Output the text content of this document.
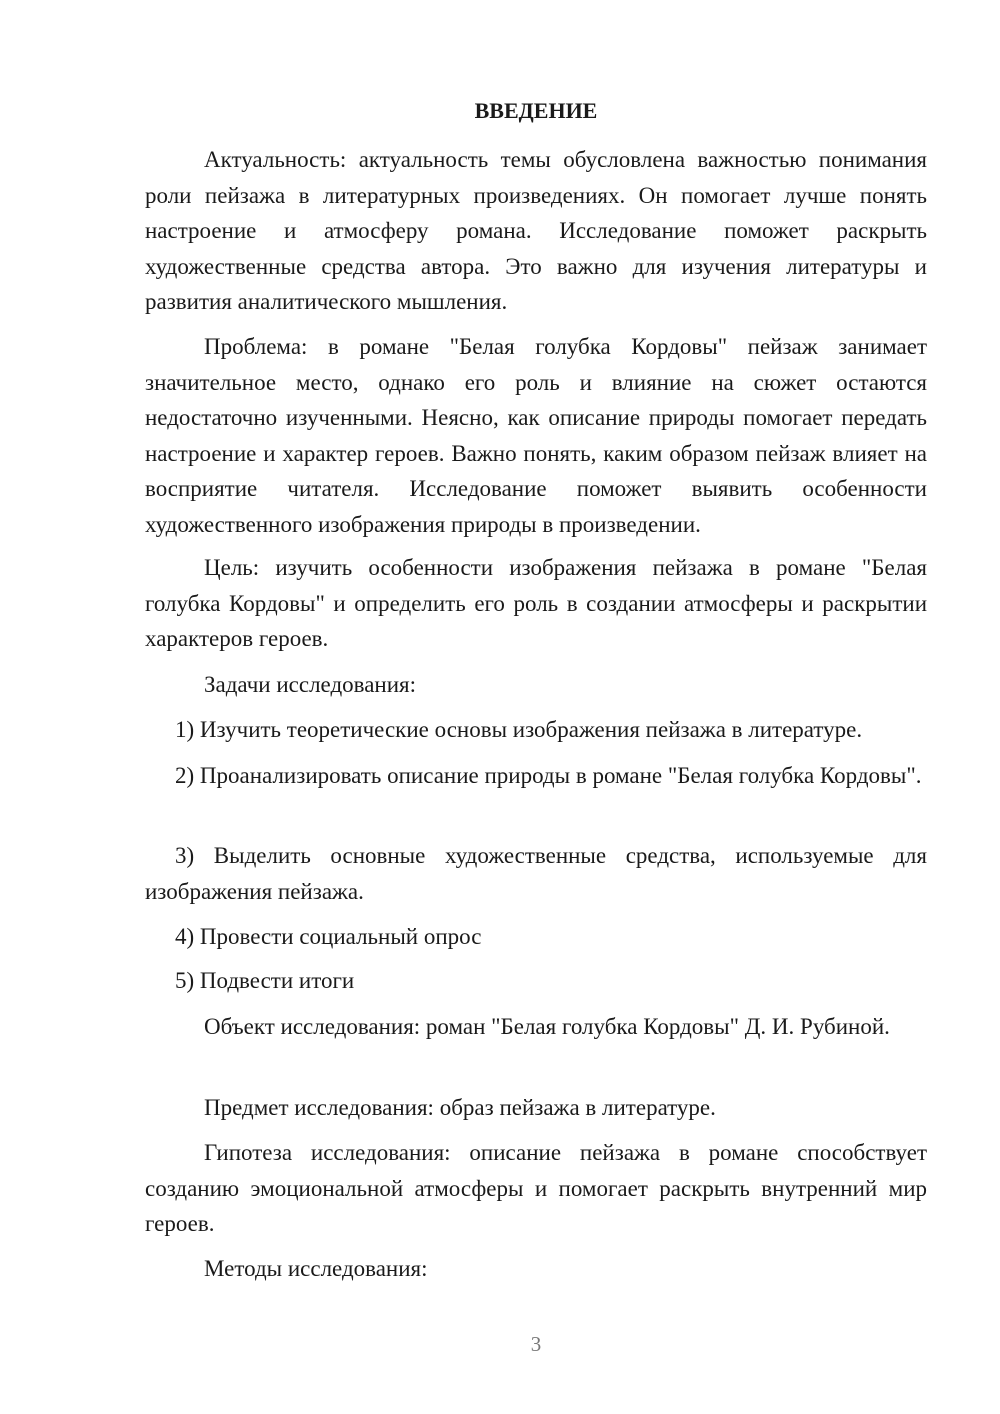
ВВЕДЕНИЕ

Актуальность: актуальность темы обусловлена важностью понимания роли пейзажа в литературных произведениях. Он помогает лучше понять настроение и атмосферу романа. Исследование поможет раскрыть художественные средства автора. Это важно для изучения литературы и развития аналитического мышления.

Проблема: в романе "Белая голубка Кордовы" пейзаж занимает значительное место, однако его роль и влияние на сюжет остаются недостаточно изученными. Неясно, как описание природы помогает передать настроение и характер героев. Важно понять, каким образом пейзаж влияет на восприятие читателя. Исследование поможет выявить особенности художественного изображения природы в произведении.

Цель: изучить особенности изображения пейзажа в романе "Белая голубка Кордовы" и определить его роль в создании атмосферы и раскрытии характеров героев.

Задачи исследования:

1) Изучить теоретические основы изображения пейзажа в литературе.

2) Проанализировать описание природы в романе "Белая голубка Кордовы".

3) Выделить основные художественные средства, используемые для изображения пейзажа.

4) Провести социальный опрос

5) Подвести итоги

Объект исследования: роман "Белая голубка Кордовы" Д. И. Рубиной.

Предмет исследования: образ пейзажа в литературе.

Гипотеза исследования: описание пейзажа в романе способствует созданию эмоциональной атмосферы и помогает раскрыть внутренний мир героев.

Методы исследования:

3
